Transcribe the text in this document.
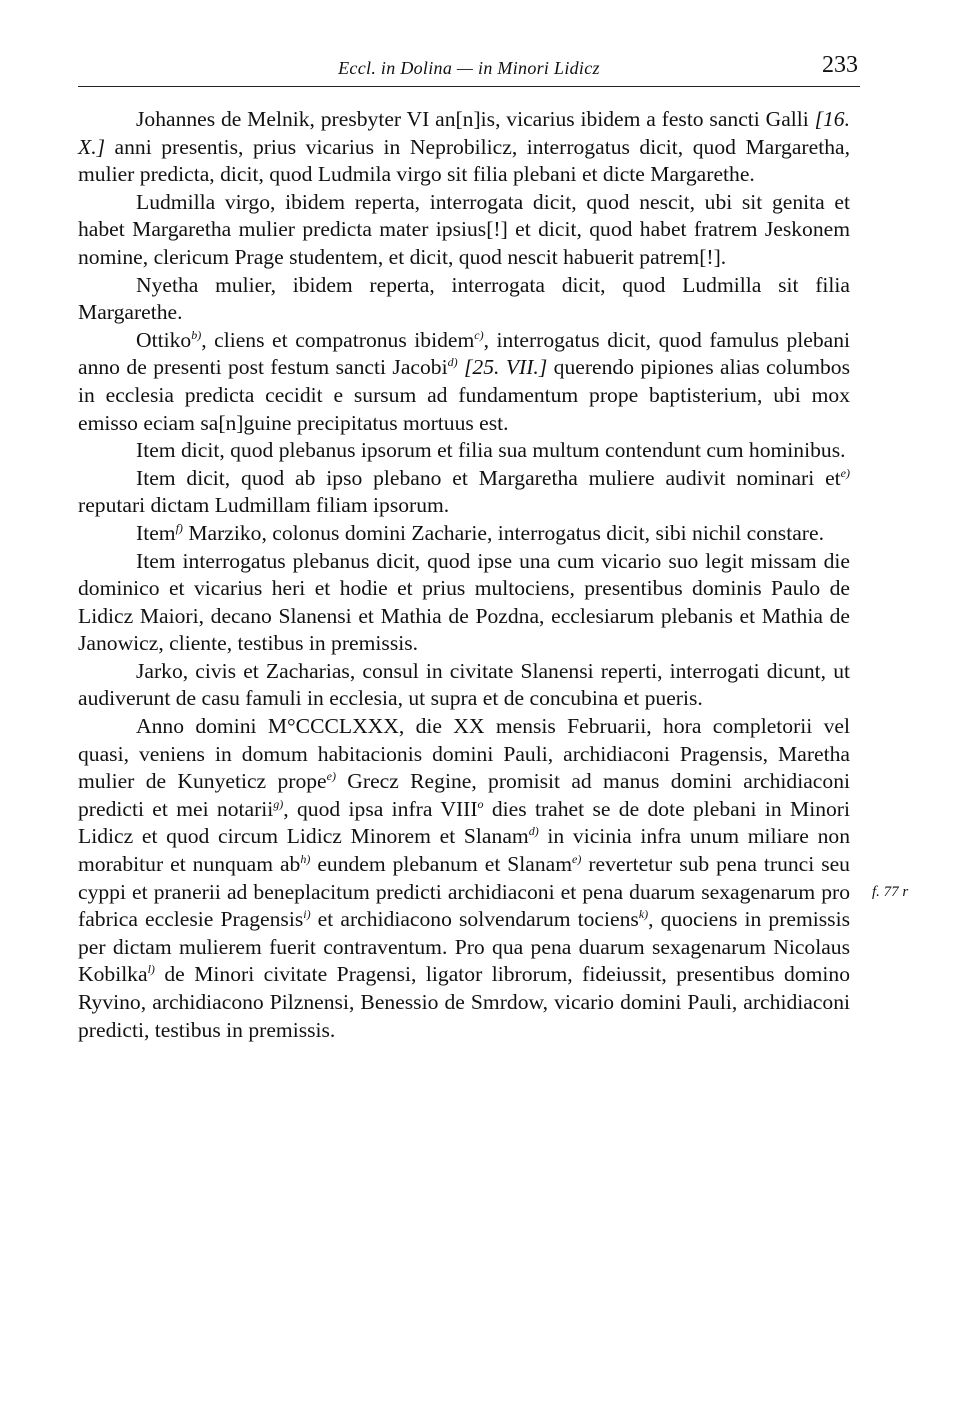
Eccl. in Dolina — in Minori Lidicz	233

Johannes de Melnik, presbyter VI an[n]is, vicarius ibidem a festo sancti Galli [16. X.] anni presentis, prius vicarius in Neprobilicz, interrogatus dicit, quod Margaretha, mulier predicta, dicit, quod Ludmila virgo sit filia plebani et dicte Margarethe.

Ludmilla virgo, ibidem reperta, interrogata dicit, quod nescit, ubi sit genita et habet Margaretha mulier predicta mater ipsius[!] et dicit, quod habet fratrem Jeskonem nomine, clericum Prage studentem, et dicit, quod nescit habuerit patrem[!].

Nyetha mulier, ibidem reperta, interrogata dicit, quod Ludmilla sit filia Margarethe.

Ottiko$^{b)}$, cliens et compatronus ibidem$^{c)}$, interrogatus dicit, quod famulus plebani anno de presenti post festum sancti Jacobi$^{d)}$ [25. VII.] querendo pipiones alias columbos in ecclesia predicta cecidit e sursum ad fundamentum prope baptisterium, ubi mox emisso eciam sa[n]guine precipitatus mortuus est.

Item dicit, quod plebanus ipsorum et filia sua multum contendunt cum hominibus.

Item dicit, quod ab ipso plebano et Margaretha muliere audivit nominari $et^{e)}$ reputari dictam Ludmillam filiam ipsorum.

Item$^{f)}$ Marziko, colonus domini Zacharie, interrogatus dicit, sibi nichil constare.

Item interrogatus plebanus dicit, quod ipse una cum vicario suo legit missam die dominico et vicarius heri et hodie et prius multociens, presentibus dominis Paulo de Lidicz Maiori, decano Slanensi et Mathia de Pozdna, ecclesiarum plebanis et Mathia de Janowicz, cliente, testibus in premissis.

Jarko, civis et Zacharias, consul in civitate Slanensi reperti, interrogati dicunt, ut audiverunt de casu famuli in ecclesia, ut supra et de concubina et pueris.

Anno domini M°CCCLXXX, die XX mensis Februarii, hora completorii vel quasi, veniens in domum habitacionis domini Pauli, archidiaconi Pragensis, Maretha mulier de Kunyeticz prope$^{e)}$ Grecz Regine, promisit ad manus domini archidiaconi predicti et mei notarii$^{g)}$, quod ipsa infra VIII$^o$ dies trahet se de dote plebani in Minori Lidicz et quod circum Lidicz Minorem et Slanam$^{d)}$ in vicinia infra unum miliare non morabitur et nunquam $ab^{h)}$ eundem plebanum et Slanam$^{e)}$ revertetur sub pena trunci seu cyppi et pranerii ad beneplacitum predicti archidiaconi et pena duarum sexagenarum pro fabrica ecclesie Pragensis$^{i)}$ et archidiacono solvendarum tociens$^{k)}$, quociens in premissis per dictam mulierem fuerit contraventum. Pro qua pena duarum sexagenarum Nicolaus Kobilka$^{l)}$ de Minori civitate Pragensi, ligator librorum, fideiussit, presentibus domino Ryvino, archidiacono Pilznensi, Benessio de Smrdow, vicario domini Pauli, archidiaconi predicti, testibus in premissis.

f. 77 r
